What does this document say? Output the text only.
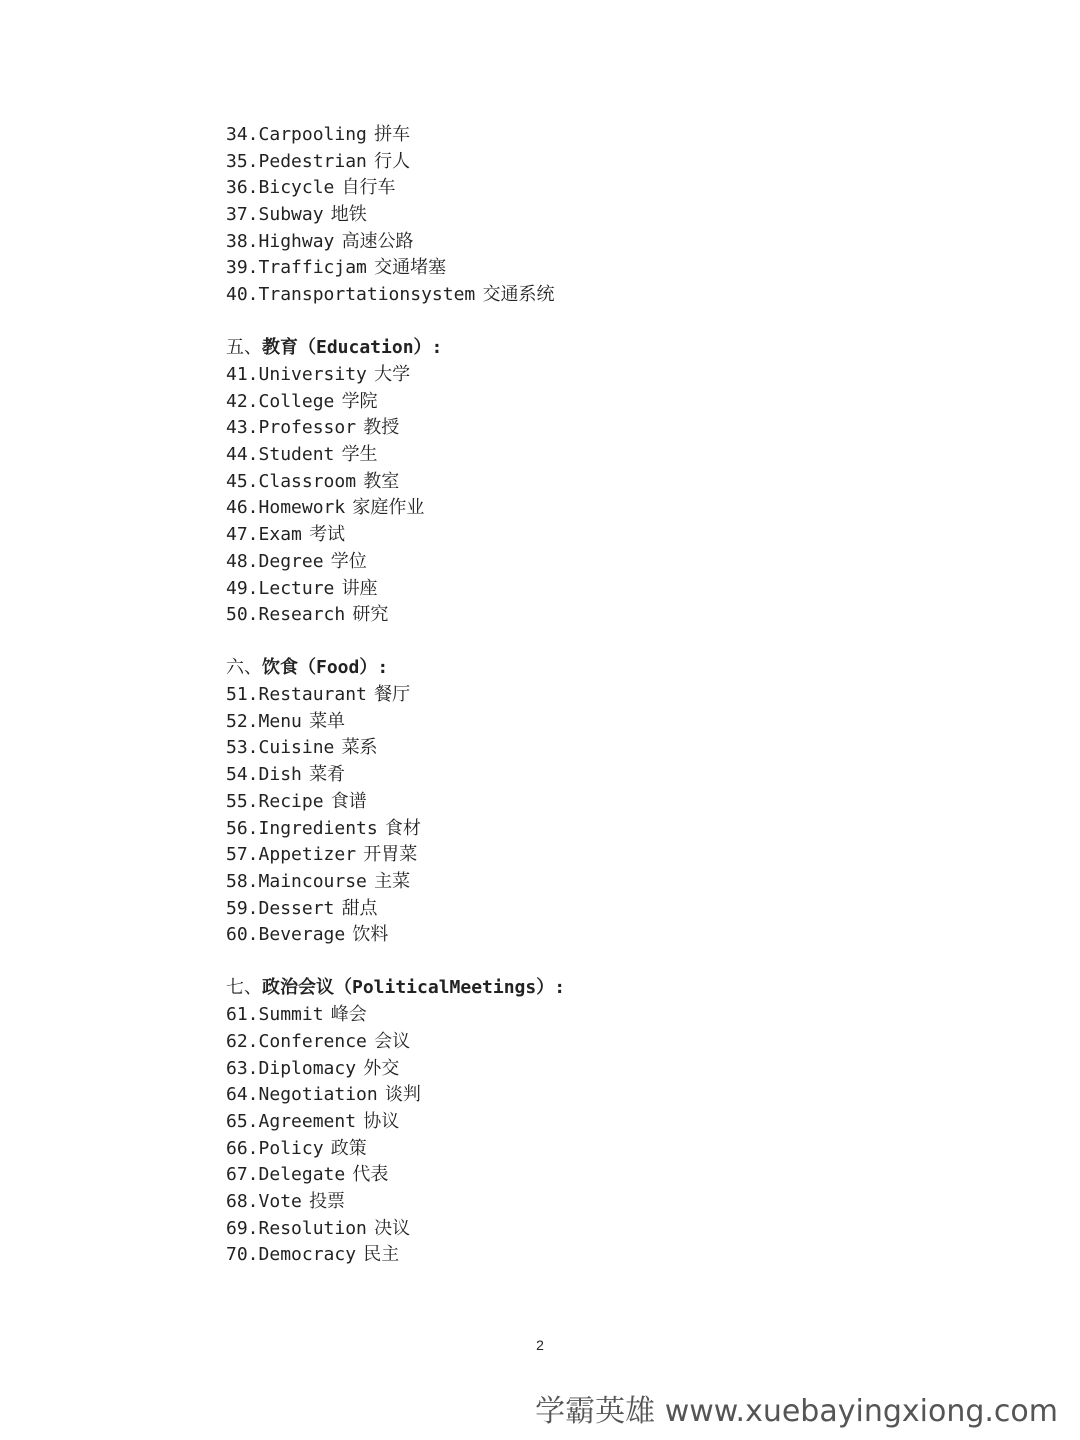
34.Carpooling 拼车
35.Pedestrian 行人
36.Bicycle 自行车
37.Subway 地铁
38.Highway 高速公路
39.Trafficjam 交通堵塞
40.Transportationsystem 交通系统
五、教育（Education）:
41.University 大学
42.College 学院
43.Professor 教授
44.Student 学生
45.Classroom 教室
46.Homework 家庭作业
47.Exam 考试
48.Degree 学位
49.Lecture 讲座
50.Research 研究
六、饮食（Food）:
51.Restaurant 餐厅
52.Menu 菜单
53.Cuisine 菜系
54.Dish 菜肴
55.Recipe 食谱
56.Ingredients 食材
57.Appetizer 开胃菜
58.Maincourse 主菜
59.Dessert 甜点
60.Beverage 饮料
七、政治会议（PoliticalMeetings）:
61.Summit 峰会
62.Conference 会议
63.Diplomacy 外交
64.Negotiation 谈判
65.Agreement 协议
66.Policy 政策
67.Delegate 代表
68.Vote 投票
69.Resolution 决议
70.Democracy 民主
2
学霸英雄 www.xuebayingxiong.com
